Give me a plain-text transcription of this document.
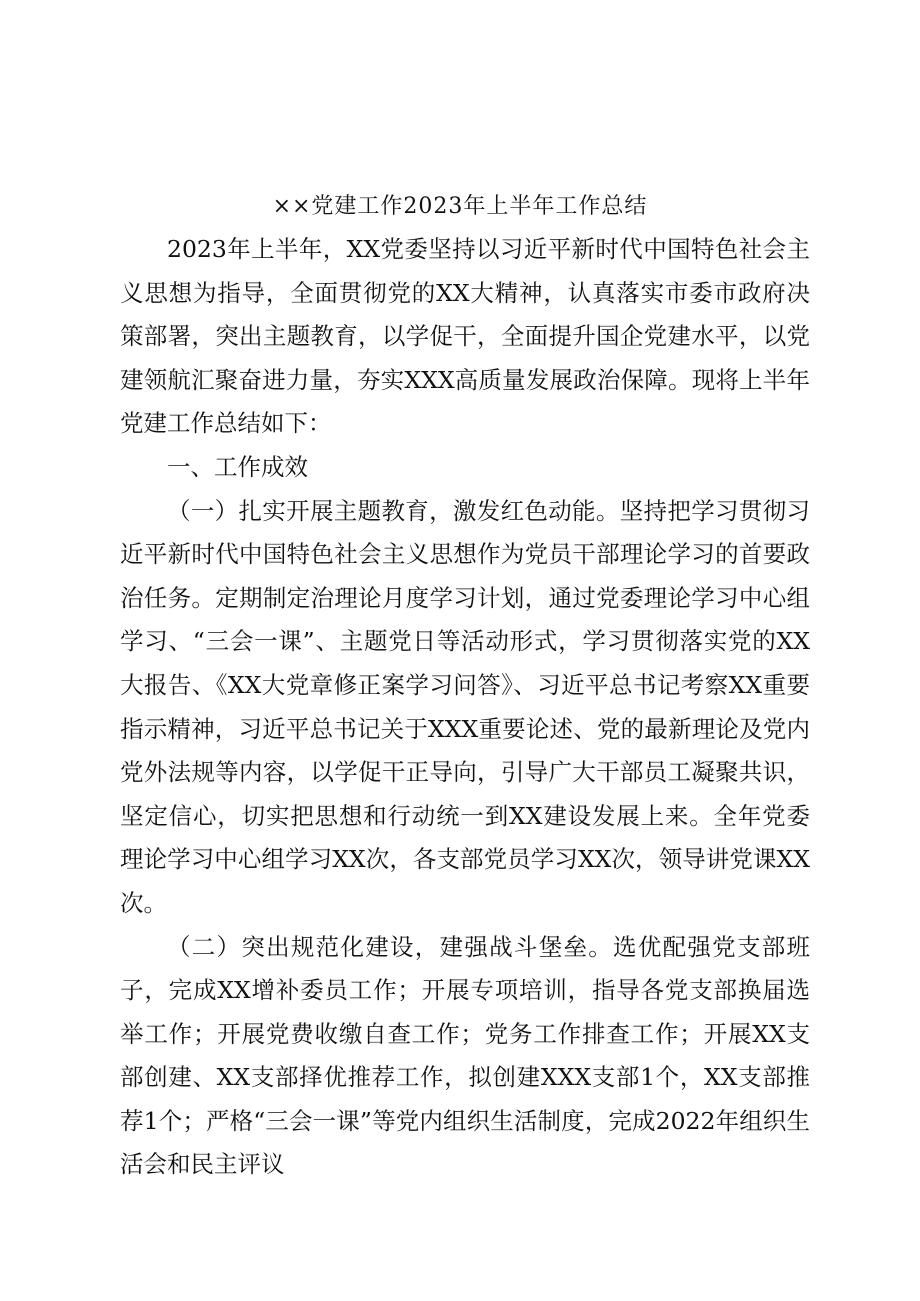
××党建工作2023年上半年工作总结

2023年上半年，XX党委坚持以习近平新时代中国特色社会主义思想为指导，全面贯彻党的XX大精神，认真落实市委市政府决策部署，突出主题教育，以学促干，全面提升国企党建水平，以党建领航汇聚奋进力量，夯实XXX高质量发展政治保障。现将上半年党建工作总结如下：

一、工作成效

（一）扎实开展主题教育，激发红色动能。坚持把学习贯彻习近平新时代中国特色社会主义思想作为党员干部理论学习的首要政治任务。定期制定治理论月度学习计划，通过党委理论学习中心组学习、“三会一课”、主题党日等活动形式，学习贯彻落实党的XX大报告、《XX大党章修正案学习问答》、习近平总书记考察XX重要指示精神，习近平总书记关于XXX重要论述、党的最新理论及党内党外法规等内容，以学促干正导向，引导广大干部员工凝聚共识，坚定信心，切实把思想和行动统一到XX建设发展上来。全年党委理论学习中心组学习XX次，各支部党员学习XX次，领导讲党课XX次。

（二）突出规范化建设，建强战斗堡垒。选优配强党支部班子，完成XX增补委员工作；开展专项培训，指导各党支部换届选举工作；开展党费收缴自查工作；党务工作排查工作；开展XX支部创建、XX支部择优推荐工作，拟创建XXX支部1个，XX支部推荐1个；严格“三会一课”等党内组织生活制度，完成2022年组织生活会和民主评议
